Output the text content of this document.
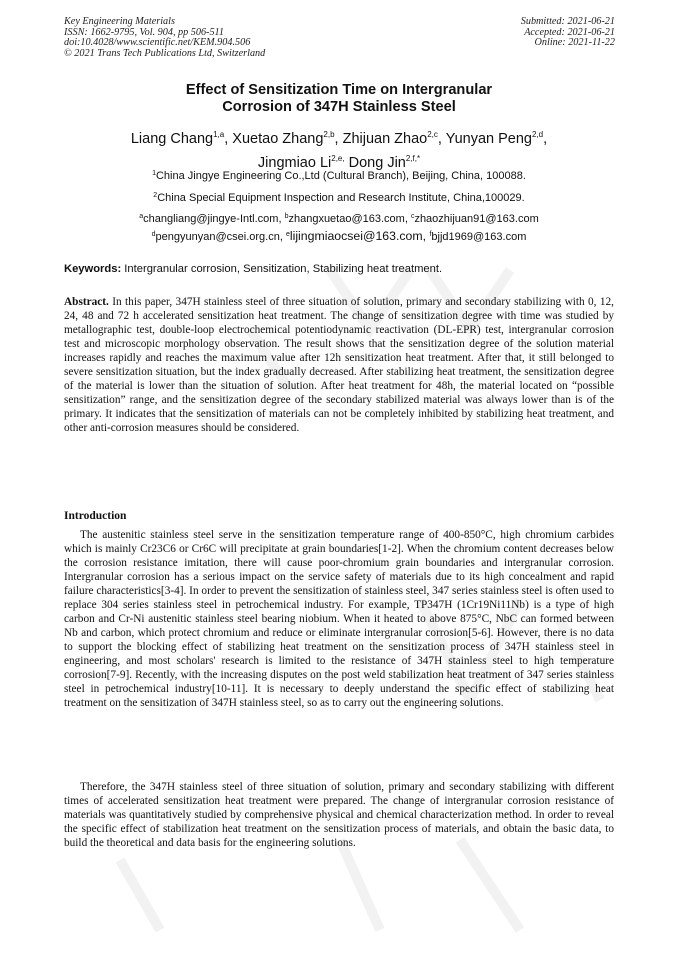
Key Engineering Materials
ISSN: 1662-9795, Vol. 904, pp 506-511
doi:10.4028/www.scientific.net/KEM.904.506
© 2021 Trans Tech Publications Ltd, Switzerland
Submitted: 2021-06-21
Accepted: 2021-06-21
Online: 2021-11-22
Effect of Sensitization Time on Intergranular
Corrosion of 347H Stainless Steel
Liang Chang$^{1,a}$, Xuetao Zhang$^{2,b}$, Zhijuan Zhao$^{2,c}$, Yunyan Peng$^{2,d}$,
Jingmiao $Li^{2,e,}$ Dong Jin$^{2,f,*}$
$^1$China Jingye Engineering Co.,Ltd (Cultural Branch), Beijing, China, 100088.
$^2$China Special Equipment Inspection and Research Institute, China,100029.
$^a$changliang@jingye-Intl.com, $^b$zhangxuetao@163.com, $^c$zhaozhijuan91@163.com
$^d$pengyunyan@csei.org.cn, $^e$lijingmiaocsei@163.com, $^f$bjjd1969@163.com
Keywords: Intergranular corrosion, Sensitization, Stabilizing heat treatment.
Abstract. In this paper, 347H stainless steel of three situation of solution, primary and secondary stabilizing with 0, 12, 24, 48 and 72 h accelerated sensitization heat treatment. The change of sensitization degree with time was studied by metallographic test, double-loop electrochemical potentiodynamic reactivation (DL-EPR) test, intergranular corrosion test and microscopic morphology observation. The result shows that the sensitization degree of the solution material increases rapidly and reaches the maximum value after 12h sensitization heat treatment. After that, it still belonged to severe sensitization situation, but the index gradually decreased. After stabilizing heat treatment, the sensitization degree of the material is lower than the situation of solution. After heat treatment for 48h, the material located on “possible sensitization” range, and the sensitization degree of the secondary stabilized material was always lower than is of the primary. It indicates that the sensitization of materials can not be completely inhibited by stabilizing heat treatment, and other anti-corrosion measures should be considered.
Introduction
The austenitic stainless steel serve in the sensitization temperature range of 400-850°C, high chromium carbides which is mainly Cr23C6 or Cr6C will precipitate at grain boundaries[1-2]. When the chromium content decreases below the corrosion resistance imitation, there will cause poor-chromium grain boundaries and intergranular corrosion. Intergranular corrosion has a serious impact on the service safety of materials due to its high concealment and rapid failure characteristics[3-4]. In order to prevent the sensitization of stainless steel, 347 series stainless steel is often used to replace 304 series stainless steel in petrochemical industry. For example, TP347H (1Cr19Ni11Nb) is a type of high carbon and Cr-Ni austenitic stainless steel bearing niobium. When it heated to above 875°C, NbC can formed between Nb and carbon, which protect chromium and reduce or eliminate intergranular corrosion[5-6]. However, there is no data to support the blocking effect of stabilizing heat treatment on the sensitization process of 347H stainless steel in engineering, and most scholars' research is limited to the resistance of 347H stainless steel to high temperature corrosion[7-9]. Recently, with the increasing disputes on the post weld stabilization heat treatment of 347 series stainless steel in petrochemical industry[10-11]. It is necessary to deeply understand the specific effect of stabilizing heat treatment on the sensitization of 347H stainless steel, so as to carry out the engineering solutions.
Therefore, the 347H stainless steel of three situation of solution, primary and secondary stabilizing with different times of accelerated sensitization heat treatment were prepared. The change of intergranular corrosion resistance of materials was quantitatively studied by comprehensive physical and chemical characterization method. In order to reveal the specific effect of stabilization heat treatment on the sensitization process of materials, and obtain the basic data, to build the theoretical and data basis for the engineering solutions.
